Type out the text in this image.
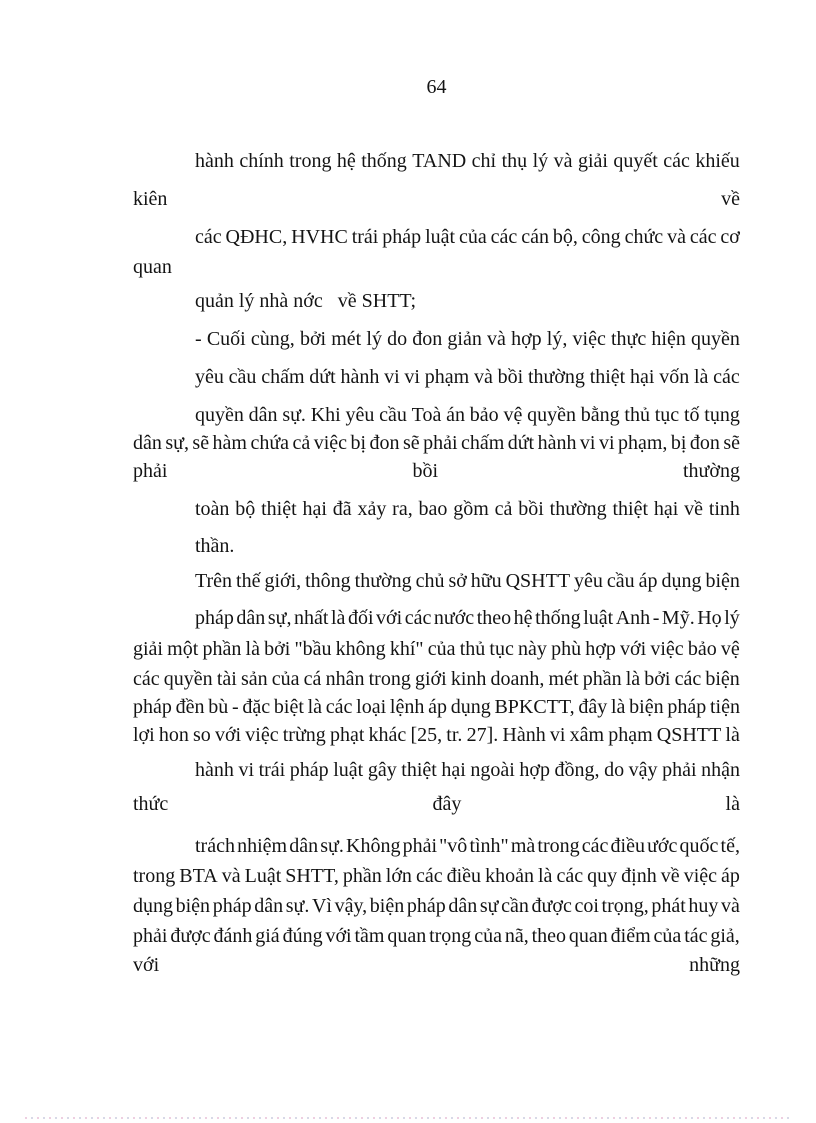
64
hành chính trong hệ thống TAND chỉ thụ lý và giải quyết các khiếu
kiên	về
các QĐHC, HVHC trái pháp luật của các cán bộ, công chức và các cơ
quan
quản lý nhà nớc   về SHTT;
- Cuối cùng, bởi mét lý do đon giản và hợp lý, việc thực hiện quyền
yêu cầu chấm dứt hành vi vi phạm và bồi thường thiệt hại vốn là các
quyền dân sự. Khi yêu cầu Toà án bảo vệ quyền bằng thủ tục tố tụng
dân sự, sẽ hàm chứa cả việc bị đon sẽ phải chấm dứt hành vi vi phạm, bị đon sẽ
phải	bồi	thường
toàn bộ thiệt hại đã xảy ra, bao gồm cả bồi thường thiệt hại về tinh
thần.
Trên thế giới, thông thường chủ sở hữu QSHTT yêu cầu áp dụng biện
pháp dân sự, nhất là đối với các nước theo hệ thống luật Anh - Mỹ. Họ lý
giải một phần là bởi "bầu không khí" của thủ tục này phù hợp với việc bảo vệ
các quyền tài sản của cá nhân trong giới kinh doanh, mét phần là bởi các biện
pháp đền bù - đặc biệt là các loại lệnh áp dụng BPKCTT, đây là biện pháp tiện
lợi hon so với việc trừng phạt khác [25, tr. 27]. Hành vi xâm phạm QSHTT là
hành vi trái pháp luật gây thiệt hại ngoài hợp đồng, do vậy phải nhận
thức	đây	là
trách nhiệm dân sự. Không phải "vô tình" mà trong các điều ước quốc tế,
trong BTA và Luật SHTT, phần lớn các điều khoản là các quy định về việc áp
dụng biện pháp dân sự. Vì vậy, biện pháp dân sự cần được coi trọng, phát huy và
phải được đánh giá đúng với tầm quan trọng của nã, theo quan điểm của tác giả,
với	những
